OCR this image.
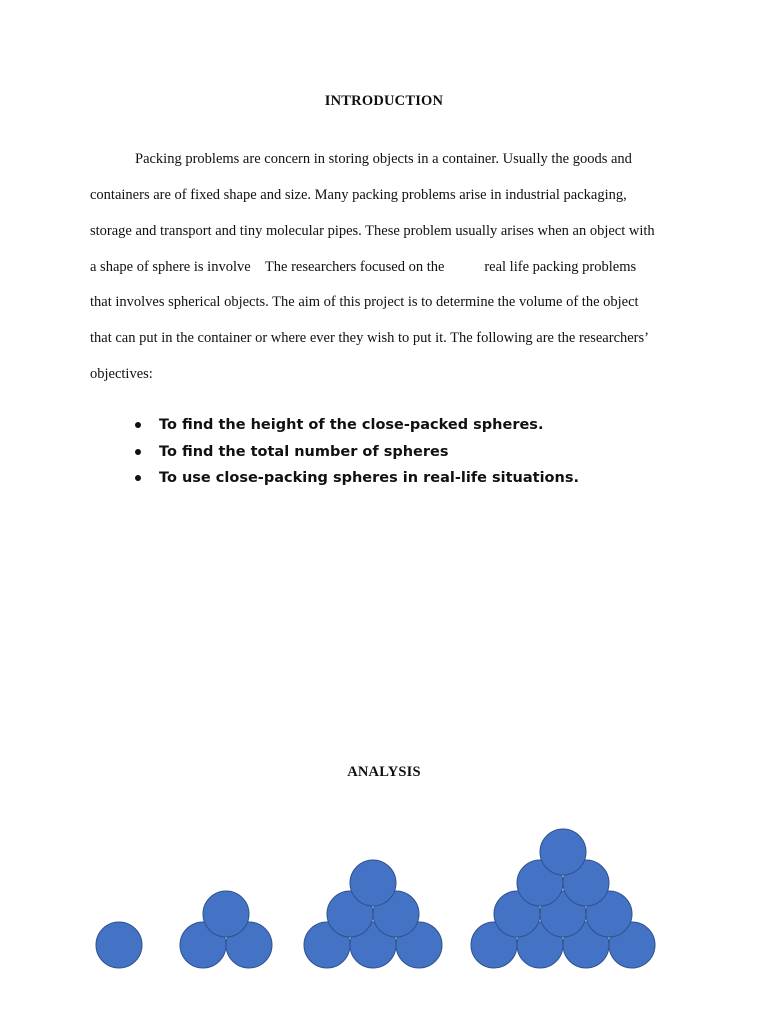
INTRODUCTION
Packing problems are concern in storing objects in a container. Usually the goods and
containers are of fixed shape and size. Many packing problems arise in industrial packaging,
storage and transport and tiny molecular pipes. These problem usually arises when an object with
a shape of sphere is involve    The researchers focused on the           real life packing problems
that involves spherical objects. The aim of this project is to determine the volume of the object
that can put in the container or where ever they wish to put it. The following are the researchers’
objectives:
To find the height of the close-packed spheres.
To find the total number of spheres
To use close-packing spheres in real-life situations.
ANALYSIS
